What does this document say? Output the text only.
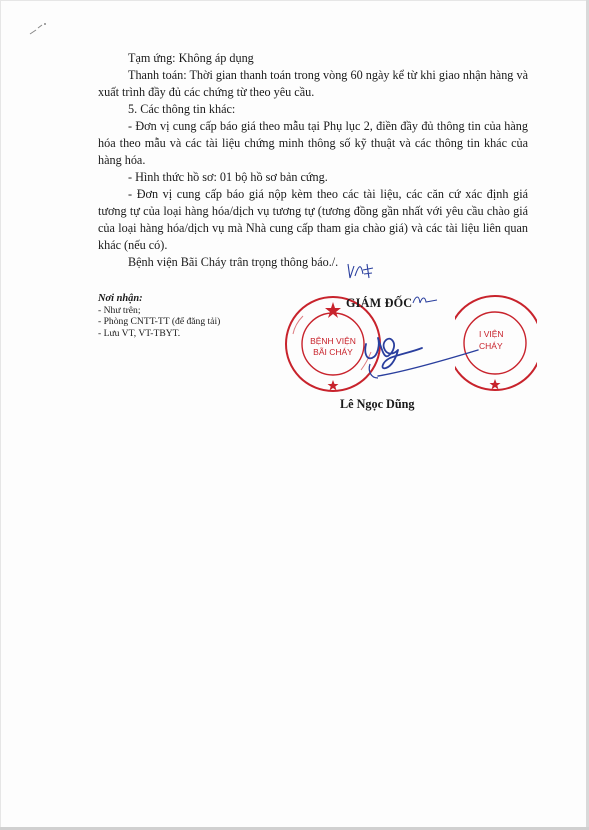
Tạm ứng: Không áp dụng

Thanh toán: Thời gian thanh toán trong vòng 60 ngày kể từ khi giao nhận hàng và xuất trình đầy đủ các chứng từ theo yêu cầu.

5. Các thông tin khác:

- Đơn vị cung cấp báo giá theo mẫu tại Phụ lục 2, điền đầy đủ thông tin của hàng hóa theo mẫu và các tài liệu chứng minh thông số kỹ thuật và các thông tin khác của hàng hóa.

- Hình thức hồ sơ: 01 bộ hồ sơ bản cứng.

- Đơn vị cung cấp báo giá nộp kèm theo các tài liệu, các căn cứ xác định giá tương tự của loại hàng hóa/dịch vụ tương tự (tương đồng gần nhất với yêu cầu chào giá của loại hàng hóa/dịch vụ mà Nhà cung cấp tham gia chào giá) và các tài liệu liên quan khác (nếu có).

Bệnh viện Bãi Cháy trân trọng thông báo./.

Nơi nhận:
- Như trên;
- Phòng CNTT-TT (để đăng tải)
- Lưu VT, VT-TBYT.
BỆNH VIỆN
BÃI CHÁY
I VIỆN
CHÁY
GIÁM ĐỐC
Lê Ngọc Dũng
